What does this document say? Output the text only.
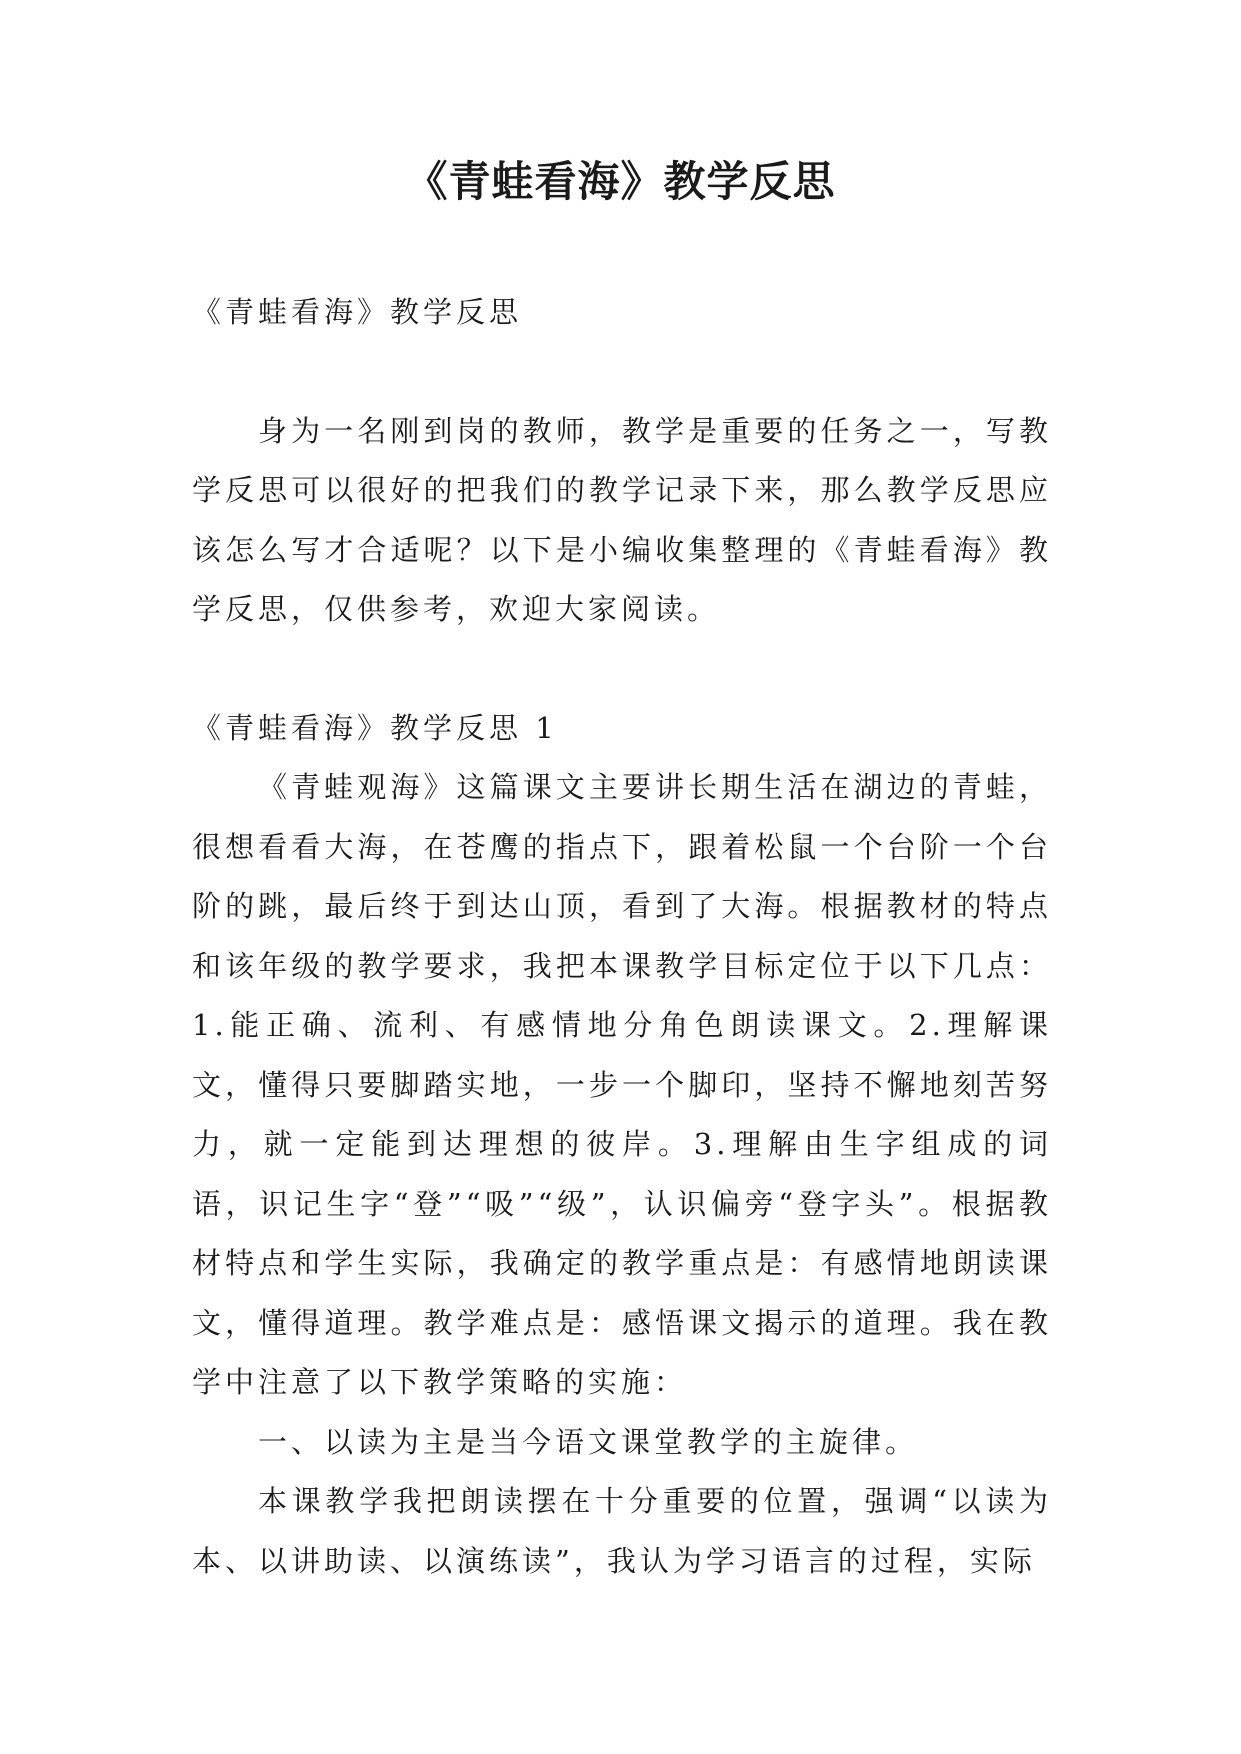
《青蛙看海》教学反思

《青蛙看海》教学反思

身为一名刚到岗的教师，教学是重要的任务之一，写教学反思可以很好的把我们的教学记录下来，那么教学反思应该怎么写才合适呢？以下是小编收集整理的《青蛙看海》教学反思，仅供参考，欢迎大家阅读。

《青蛙看海》教学反思 1

《青蛙观海》这篇课文主要讲长期生活在湖边的青蛙，很想看看大海，在苍鹰的指点下，跟着松鼠一个台阶一个台阶的跳，最后终于到达山顶，看到了大海。根据教材的特点和该年级的教学要求，我把本课教学目标定位于以下几点：1.能正确、流利、有感情地分角色朗读课文。2.理解课文，懂得只要脚踏实地，一步一个脚印，坚持不懈地刻苦努力，就一定能到达理想的彼岸。3.理解由生字组成的词语，识记生字“登”“吸”“级”，认识偏旁“登字头”。根据教材特点和学生实际，我确定的教学重点是：有感情地朗读课文，懂得道理。教学难点是：感悟课文揭示的道理。我在教学中注意了以下教学策略的实施：

一、以读为主是当今语文课堂教学的主旋律。

本课教学我把朗读摆在十分重要的位置，强调“以读为本、以讲助读、以演练读”，我认为学习语言的过程，实际
